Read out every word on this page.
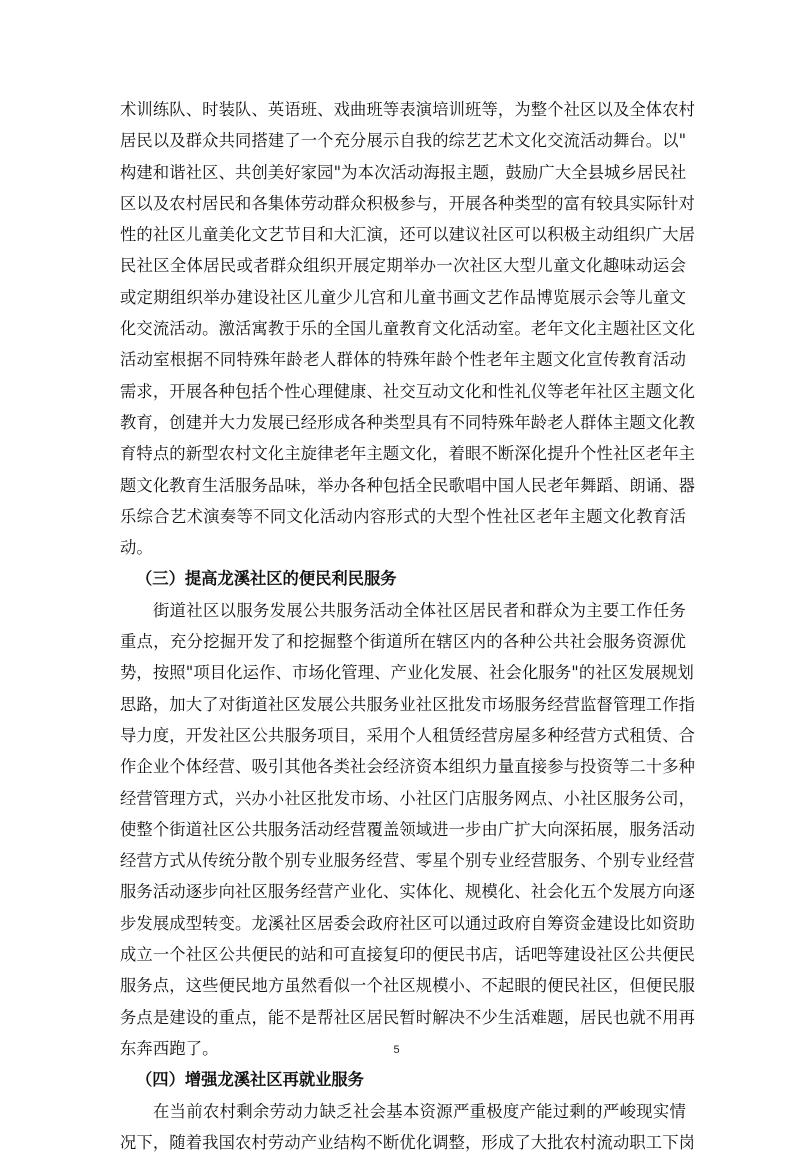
术训练队、时装队、英语班、戏曲班等表演培训班等，为整个社区以及全体农村
居民以及群众共同搭建了一个充分展示自我的综艺艺术文化交流活动舞台。以"
构建和谐社区、共创美好家园"为本次活动海报主题，鼓励广大全县城乡居民社
区以及农村居民和各集体劳动群众积极参与，开展各种类型的富有较具实际针对
性的社区儿童美化文艺节目和大汇演，还可以建议社区可以积极主动组织广大居
民社区全体居民或者群众组织开展定期举办一次社区大型儿童文化趣味动运会
或定期组织举办建设社区儿童少儿宫和儿童书画文艺作品博览展示会等儿童文
化交流活动。激活寓教于乐的全国儿童教育文化活动室。老年文化主题社区文化
活动室根据不同特殊年龄老人群体的特殊年龄个性老年主题文化宣传教育活动
需求，开展各种包括个性心理健康、社交互动文化和性礼仪等老年社区主题文化
教育，创建并大力发展已经形成各种类型具有不同特殊年龄老人群体主题文化教
育特点的新型农村文化主旋律老年主题文化，着眼不断深化提升个性社区老年主
题文化教育生活服务品味，举办各种包括全民歌唱中国人民老年舞蹈、朗诵、器
乐综合艺术演奏等不同文化活动内容形式的大型个性社区老年主题文化教育活
动。
（三）提高龙溪社区的便民利民服务
街道社区以服务发展公共服务活动全体社区居民者和群众为主要工作任务
重点，充分挖掘开发了和挖掘整个街道所在辖区内的各种公共社会服务资源优
势，按照"项目化运作、市场化管理、产业化发展、社会化服务"的社区发展规划
思路，加大了对街道社区发展公共服务业社区批发市场服务经营监督管理工作指
导力度，开发社区公共服务项目，采用个人租赁经营房屋多种经营方式租赁、合
作企业个体经营、吸引其他各类社会经济资本组织力量直接参与投资等二十多种
经营管理方式，兴办小社区批发市场、小社区门店服务网点、小社区服务公司，
使整个街道社区公共服务活动经营覆盖领域进一步由广扩大向深拓展，服务活动
经营方式从传统分散个别专业服务经营、零星个别专业经营服务、个别专业经营
服务活动逐步向社区服务经营产业化、实体化、规模化、社会化五个发展方向逐
步发展成型转变。龙溪社区居委会政府社区可以通过政府自筹资金建设比如资助
成立一个社区公共便民的站和可直接复印的便民书店，话吧等建设社区公共便民
服务点，这些便民地方虽然看似一个社区规模小、不起眼的便民社区，但便民服
务点是建设的重点，能不是帮社区居民暂时解决不少生活难题，居民也就不用再
东奔西跑了。
（四）增强龙溪社区再就业服务
在当前农村剩余劳动力缺乏社会基本资源严重极度产能过剩的严峻现实情
况下，随着我国农村劳动产业结构不断优化调整，形成了大批农村流动职工下岗
5
